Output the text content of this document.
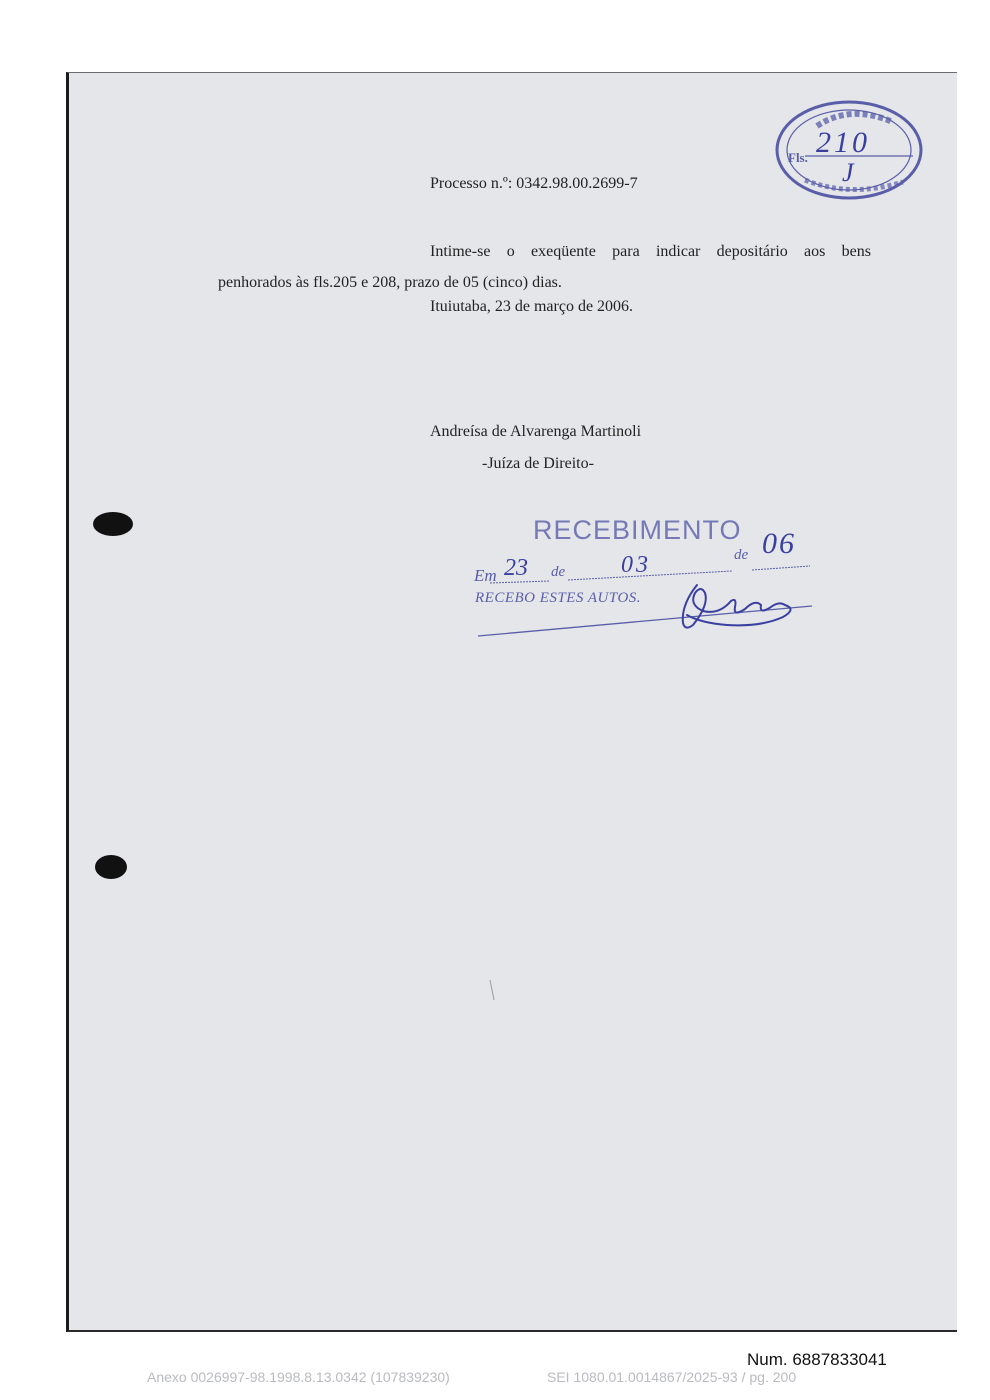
Processo n.º: 0342.98.00.2699-7
Intime-se o exeqüente para indicar depositário aos bens
penhorados às fls.205 e 208, prazo de 05 (cinco) dias.
Ituiutaba, 23 de março de 2006.
Andreísa de Alvarenga Martinoli
-Juíza de Direito-
Fls. 210
J
RECEBIMENTO
Em 23 de 03	de 06
RECEBO ESTES AUTOS.
Num. 6887833041
Anexo 0026997-98.1998.8.13.0342 (107839230)	SEI 1080.01.0014867/2025-93 / pg. 200
